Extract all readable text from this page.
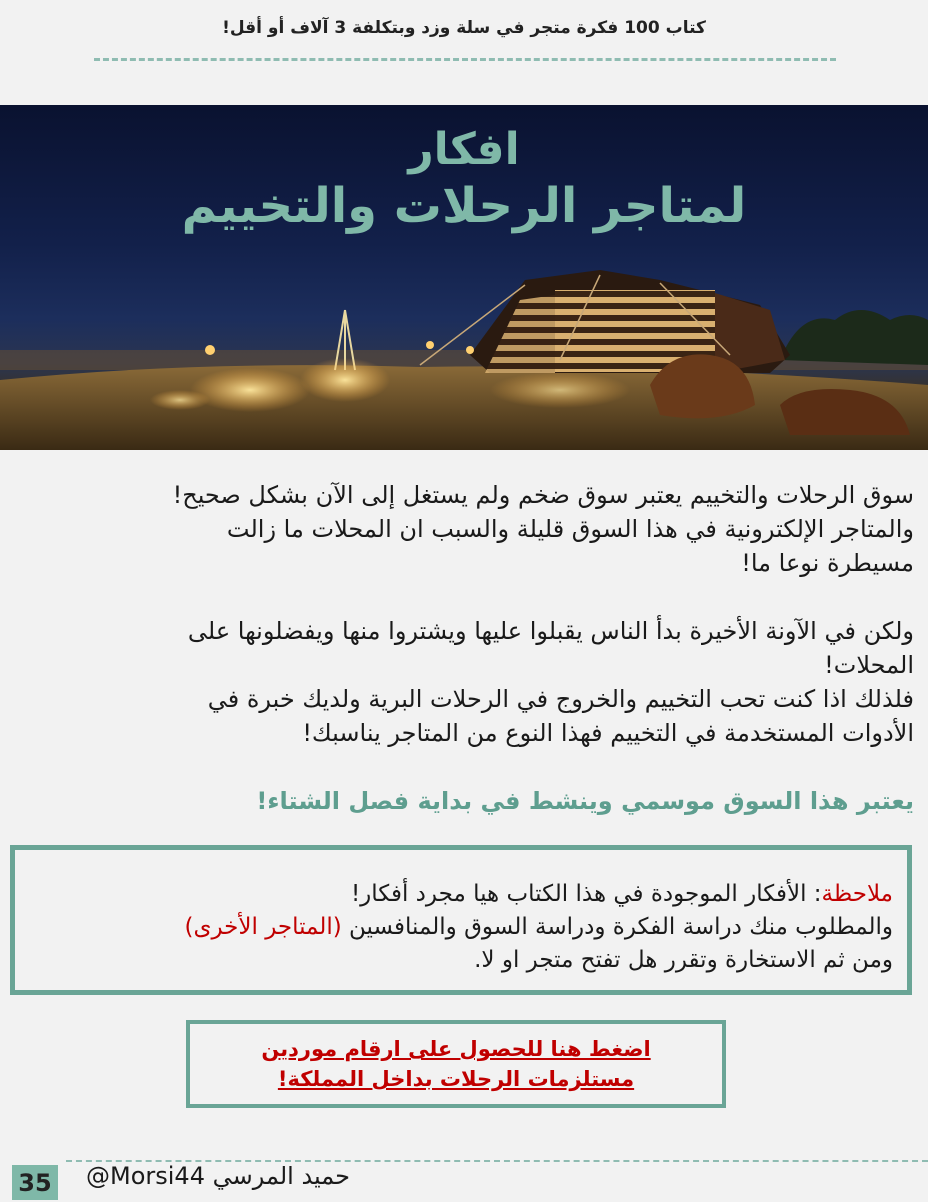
كتاب 100 فكرة متجر في سلة وزد وبتكلفة 3 آلاف أو أقل!
افكار
لمتاجر الرحلات والتخييم

سوق الرحلات والتخييم يعتبر سوق ضخم ولم يستغل إلى الآن بشكل صحيح!

والمتاجر الإلكترونية في هذا السوق قليلة والسبب ان المحلات ما زالت

مسيطرة نوعا ما!

ولكن في الآونة الأخيرة بدأ الناس يقبلوا عليها ويشتروا منها ويفضلونها على

المحلات!

فلذلك اذا كنت تحب التخييم والخروج في الرحلات البرية ولديك خبرة في

الأدوات المستخدمة في التخييم فهذا النوع من المتاجر يناسبك!

يعتبر هذا السوق موسمي وينشط في بداية فصل الشتاء!

ملاحظة: الأفكار الموجودة في هذا الكتاب هيا مجرد أفكار!
والمطلوب منك دراسة الفكرة ودراسة السوق والمنافسين (المتاجر الأخرى)
ومن ثم الاستخارة وتقرر هل تفتح متجر او لا.
اضغط هنا للحصول على ارقام موردين
مستلزمات الرحلات بداخل المملكة!
35 @Morsi44 حميد المرسي
